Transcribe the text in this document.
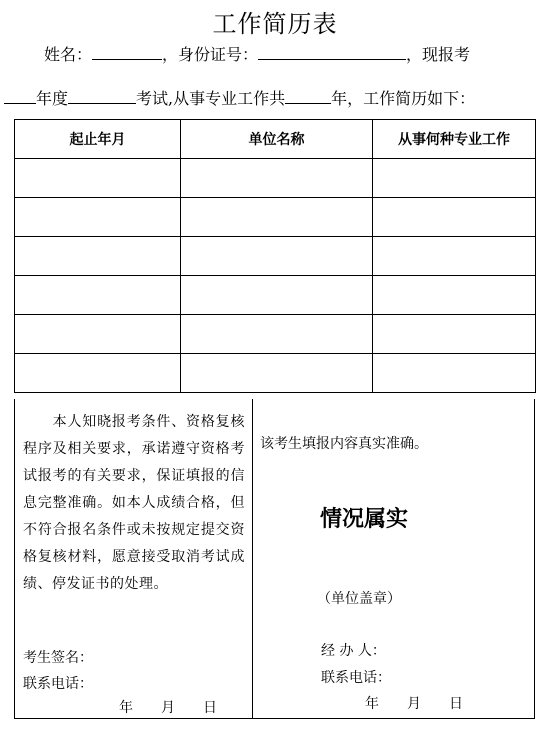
工作简历表
姓名：	，身份证号：	，现报考
年度	考试,从事专业工作共	年，工作简历如下：
起止年月	单位名称	从事何种专业工作

　　本人知晓报考条件、资格复核程序及相关要求，承诺遵守资格考试报考的有关要求，保证填报的信息完整准确。如本人成绩合格，但不符合报名条件或未按规定提交资格复核材料，愿意接受取消考试成绩、停发证书的处理。
考生签名：
联系电话：
年　　月　　日
该考生填报内容真实准确。
情况属实
（单位盖章）
经 办 人：
联系电话：
年　　月　　日
